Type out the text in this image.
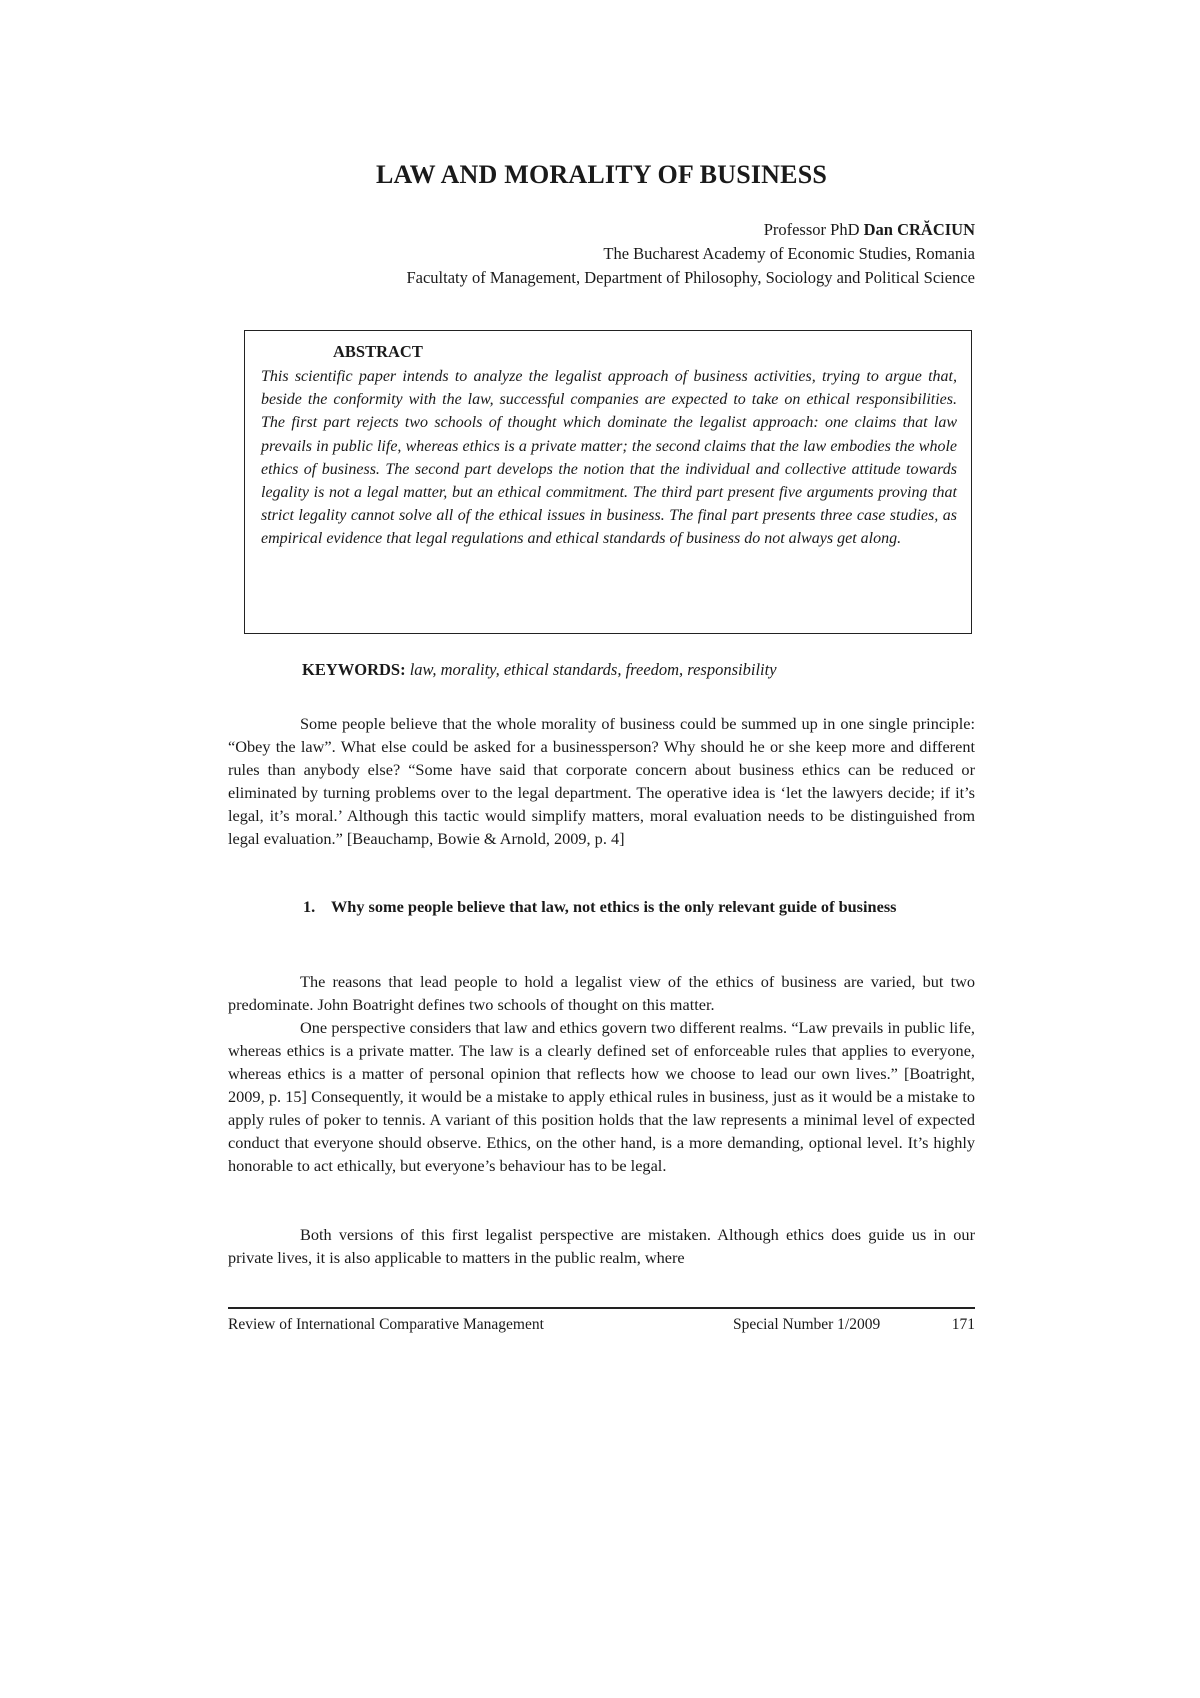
LAW AND MORALITY OF BUSINESS
Professor PhD Dan CRĂCIUN
The Bucharest Academy of Economic Studies, Romania
Facultaty of Management, Department of Philosophy, Sociology and Political Science
ABSTRACT

This scientific paper intends to analyze the legalist approach of business activities, trying to argue that, beside the conformity with the law, successful companies are expected to take on ethical responsibilities. The first part rejects two schools of thought which dominate the legalist approach: one claims that law prevails in public life, whereas ethics is a private matter; the second claims that the law embodies the whole ethics of business. The second part develops the notion that the individual and collective attitude towards legality is not a legal matter, but an ethical commitment. The third part present five arguments proving that strict legality cannot solve all of the ethical issues in business. The final part presents three case studies, as empirical evidence that legal regulations and ethical standards of business do not always get along.

KEYWORDS: law, morality, ethical standards, freedom, responsibility

Some people believe that the whole morality of business could be summed up in one single principle: “Obey the law”. What else could be asked for a businessperson? Why should he or she keep more and different rules than anybody else? “Some have said that corporate concern about business ethics can be reduced or eliminated by turning problems over to the legal department. The operative idea is ‘let the lawyers decide; if it’s legal, it’s moral.’ Although this tactic would simplify matters, moral evaluation needs to be distinguished from legal evaluation.” [Beauchamp, Bowie & Arnold, 2009, p. 4]

1. Why some people believe that law, not ethics is the only relevant guide of business

The reasons that lead people to hold a legalist view of the ethics of business are varied, but two predominate. John Boatright defines two schools of thought on this matter.

One perspective considers that law and ethics govern two different realms. “Law prevails in public life, whereas ethics is a private matter. The law is a clearly defined set of enforceable rules that applies to everyone, whereas ethics is a matter of personal opinion that reflects how we choose to lead our own lives.” [Boatright, 2009, p. 15] Consequently, it would be a mistake to apply ethical rules in business, just as it would be a mistake to apply rules of poker to tennis. A variant of this position holds that the law represents a minimal level of expected conduct that everyone should observe. Ethics, on the other hand, is a more demanding, optional level. It’s highly honorable to act ethically, but everyone’s behaviour has to be legal.

Both versions of this first legalist perspective are mistaken. Although ethics does guide us in our private lives, it is also applicable to matters in the public realm, where

Review of International Comparative Management	Special Number 1/2009	171
